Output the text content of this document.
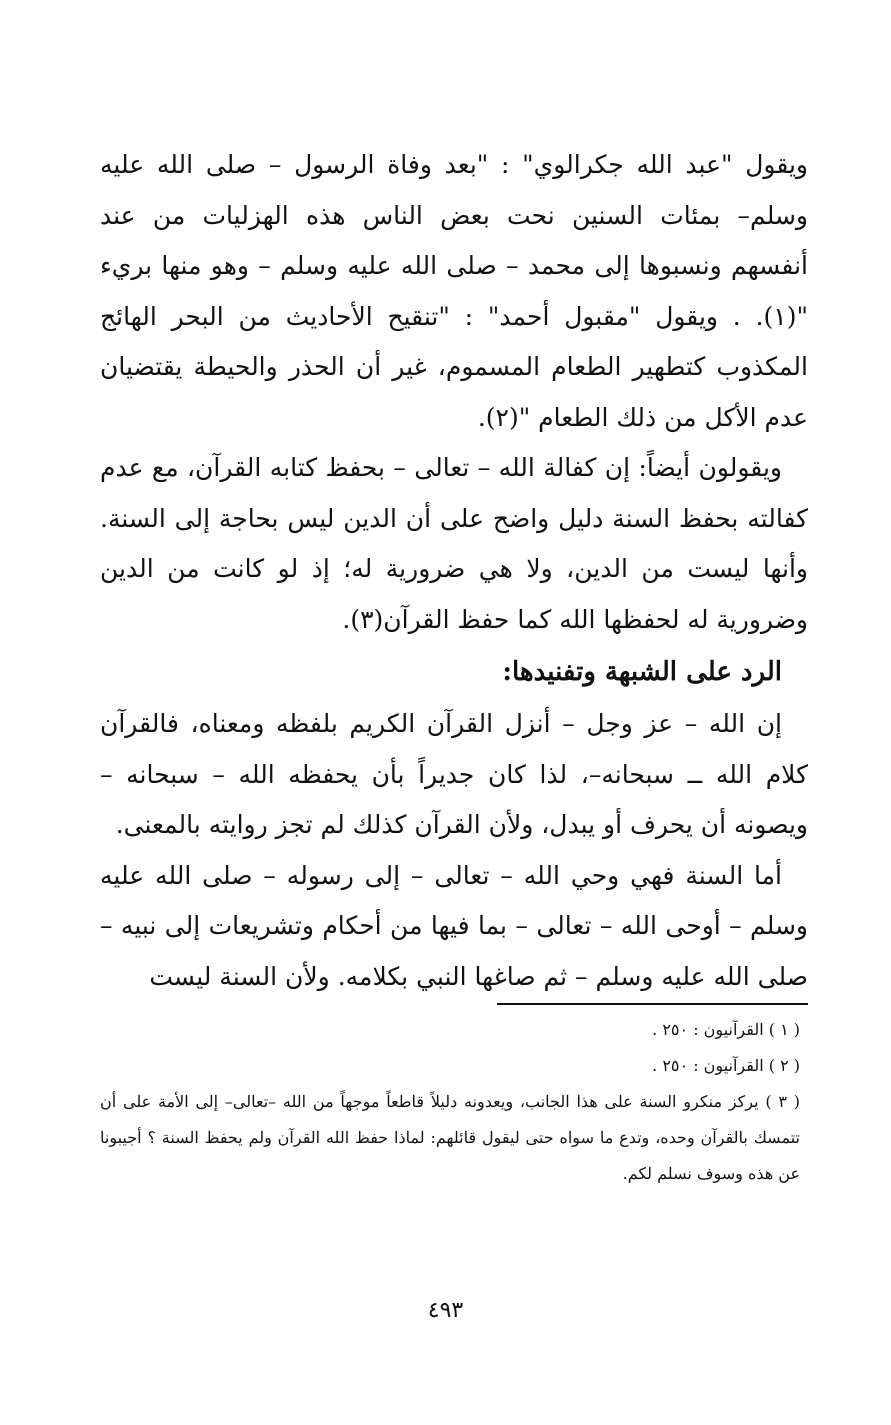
ويقول "عبد الله جكرالوي" : "بعد وفاة الرسول – صلى الله عليه وسلم– بمئات السنين نحت بعض الناس هذه الهزليات من عند أنفسهم ونسبوها إلى محمد – صلى الله عليه وسلم – وهو منها بريء "(١). . ويقول "مقبول أحمد" : "تنقيح الأحاديث من البحر الهائج المكذوب كتطهير الطعام المسموم، غير أن الحذر والحيطة يقتضيان عدم الأكل من ذلك الطعام "(٢).

ويقولون أيضاً: إن كفالة الله – تعالى – بحفظ كتابه القرآن، مع عدم كفالته بحفظ السنة دليل واضح على أن الدين ليس بحاجة إلى السنة. وأنها ليست من الدين، ولا هي ضرورية له؛ إذ لو كانت من الدين وضرورية له لحفظها الله كما حفظ القرآن(٣).

الرد على الشبهة وتفنيدها:

إن الله – عز وجل – أنزل القرآن الكريم بلفظه ومعناه، فالقرآن كلام الله ــ سبحانه–، لذا كان جديراً بأن يحفظه الله – سبحانه – ويصونه أن يحرف أو يبدل، ولأن القرآن كذلك لم تجز روايته بالمعنى.

أما السنة فهي وحي الله – تعالى – إلى رسوله – صلى الله عليه وسلم – أوحى الله – تعالى – بما فيها من أحكام وتشريعات إلى نبيه – صلى الله عليه وسلم – ثم صاغها النبي بكلامه. ولأن السنة ليست

( ١ ) القرآنيون : ٢٥٠ .

( ٢ ) القرآنيون : ٢٥٠ .

( ٣ ) يركز منكرو السنة على هذا الجانب، ويعدونه دليلاً قاطعاً موجهاً من الله –تعالى– إلى الأمة على أن تتمسك بالقرآن وحده، وتدع ما سواه حتى ليقول قائلهم: لماذا حفظ الله القرآن ولم يحفظ السنة ؟ أجيبونا عن هذه وسوف نسلم لكم.

٤٩٣
